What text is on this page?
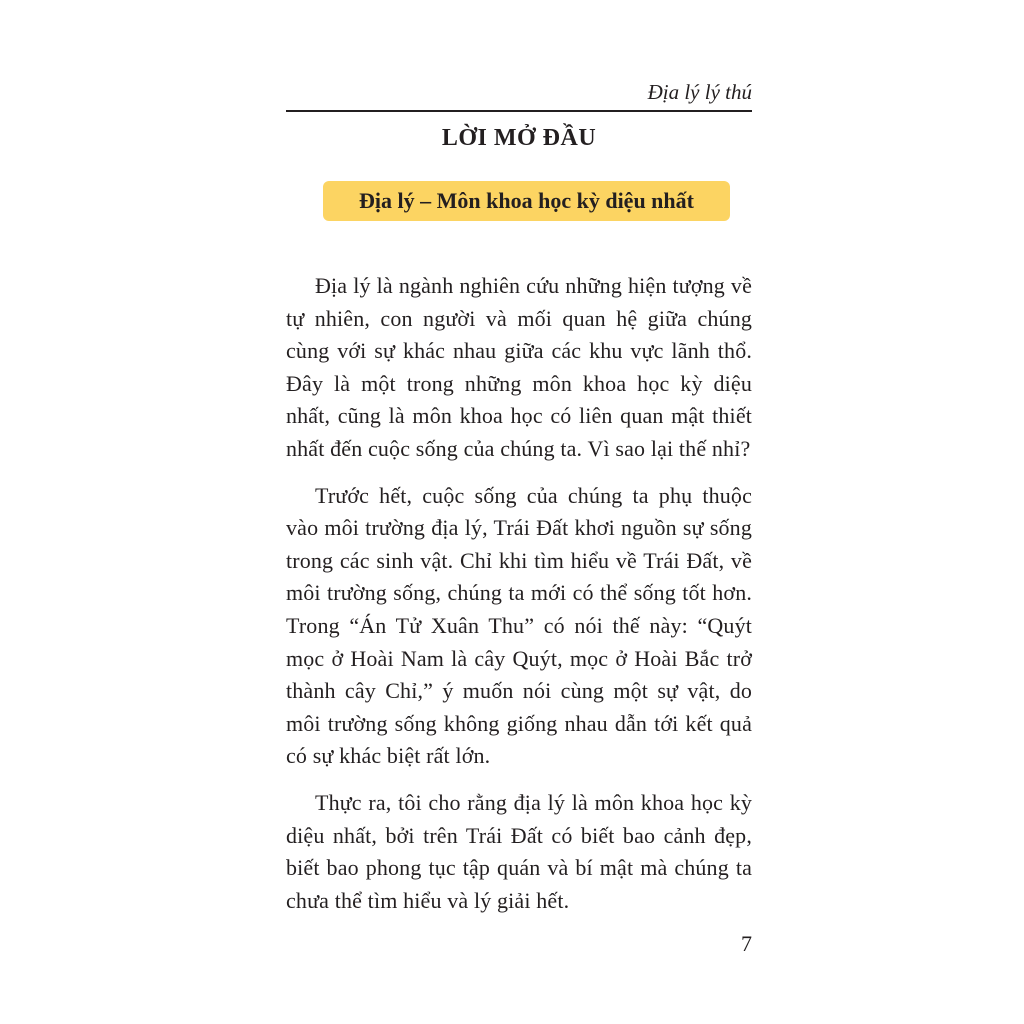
Địa lý lý thú
LỜI MỞ ĐẦU
Địa lý – Môn khoa học kỳ diệu nhất

Địa lý là ngành nghiên cứu những hiện tượng về tự nhiên, con người và mối quan hệ giữa chúng cùng với sự khác nhau giữa các khu vực lãnh thổ. Đây là một trong những môn khoa học kỳ diệu nhất, cũng là môn khoa học có liên quan mật thiết nhất đến cuộc sống của chúng ta. Vì sao lại thế nhỉ?

Trước hết, cuộc sống của chúng ta phụ thuộc vào môi trường địa lý, Trái Đất khơi nguồn sự sống trong các sinh vật. Chỉ khi tìm hiểu về Trái Đất, về môi trường sống, chúng ta mới có thể sống tốt hơn. Trong “Án Tử Xuân Thu” có nói thế này: “Quýt mọc ở Hoài Nam là cây Quýt, mọc ở Hoài Bắc trở thành cây Chỉ,” ý muốn nói cùng một sự vật, do môi trường sống không giống nhau dẫn tới kết quả có sự khác biệt rất lớn.

Thực ra, tôi cho rằng địa lý là môn khoa học kỳ diệu nhất, bởi trên Trái Đất có biết bao cảnh đẹp, biết bao phong tục tập quán và bí mật mà chúng ta chưa thể tìm hiểu và lý giải hết.

7
